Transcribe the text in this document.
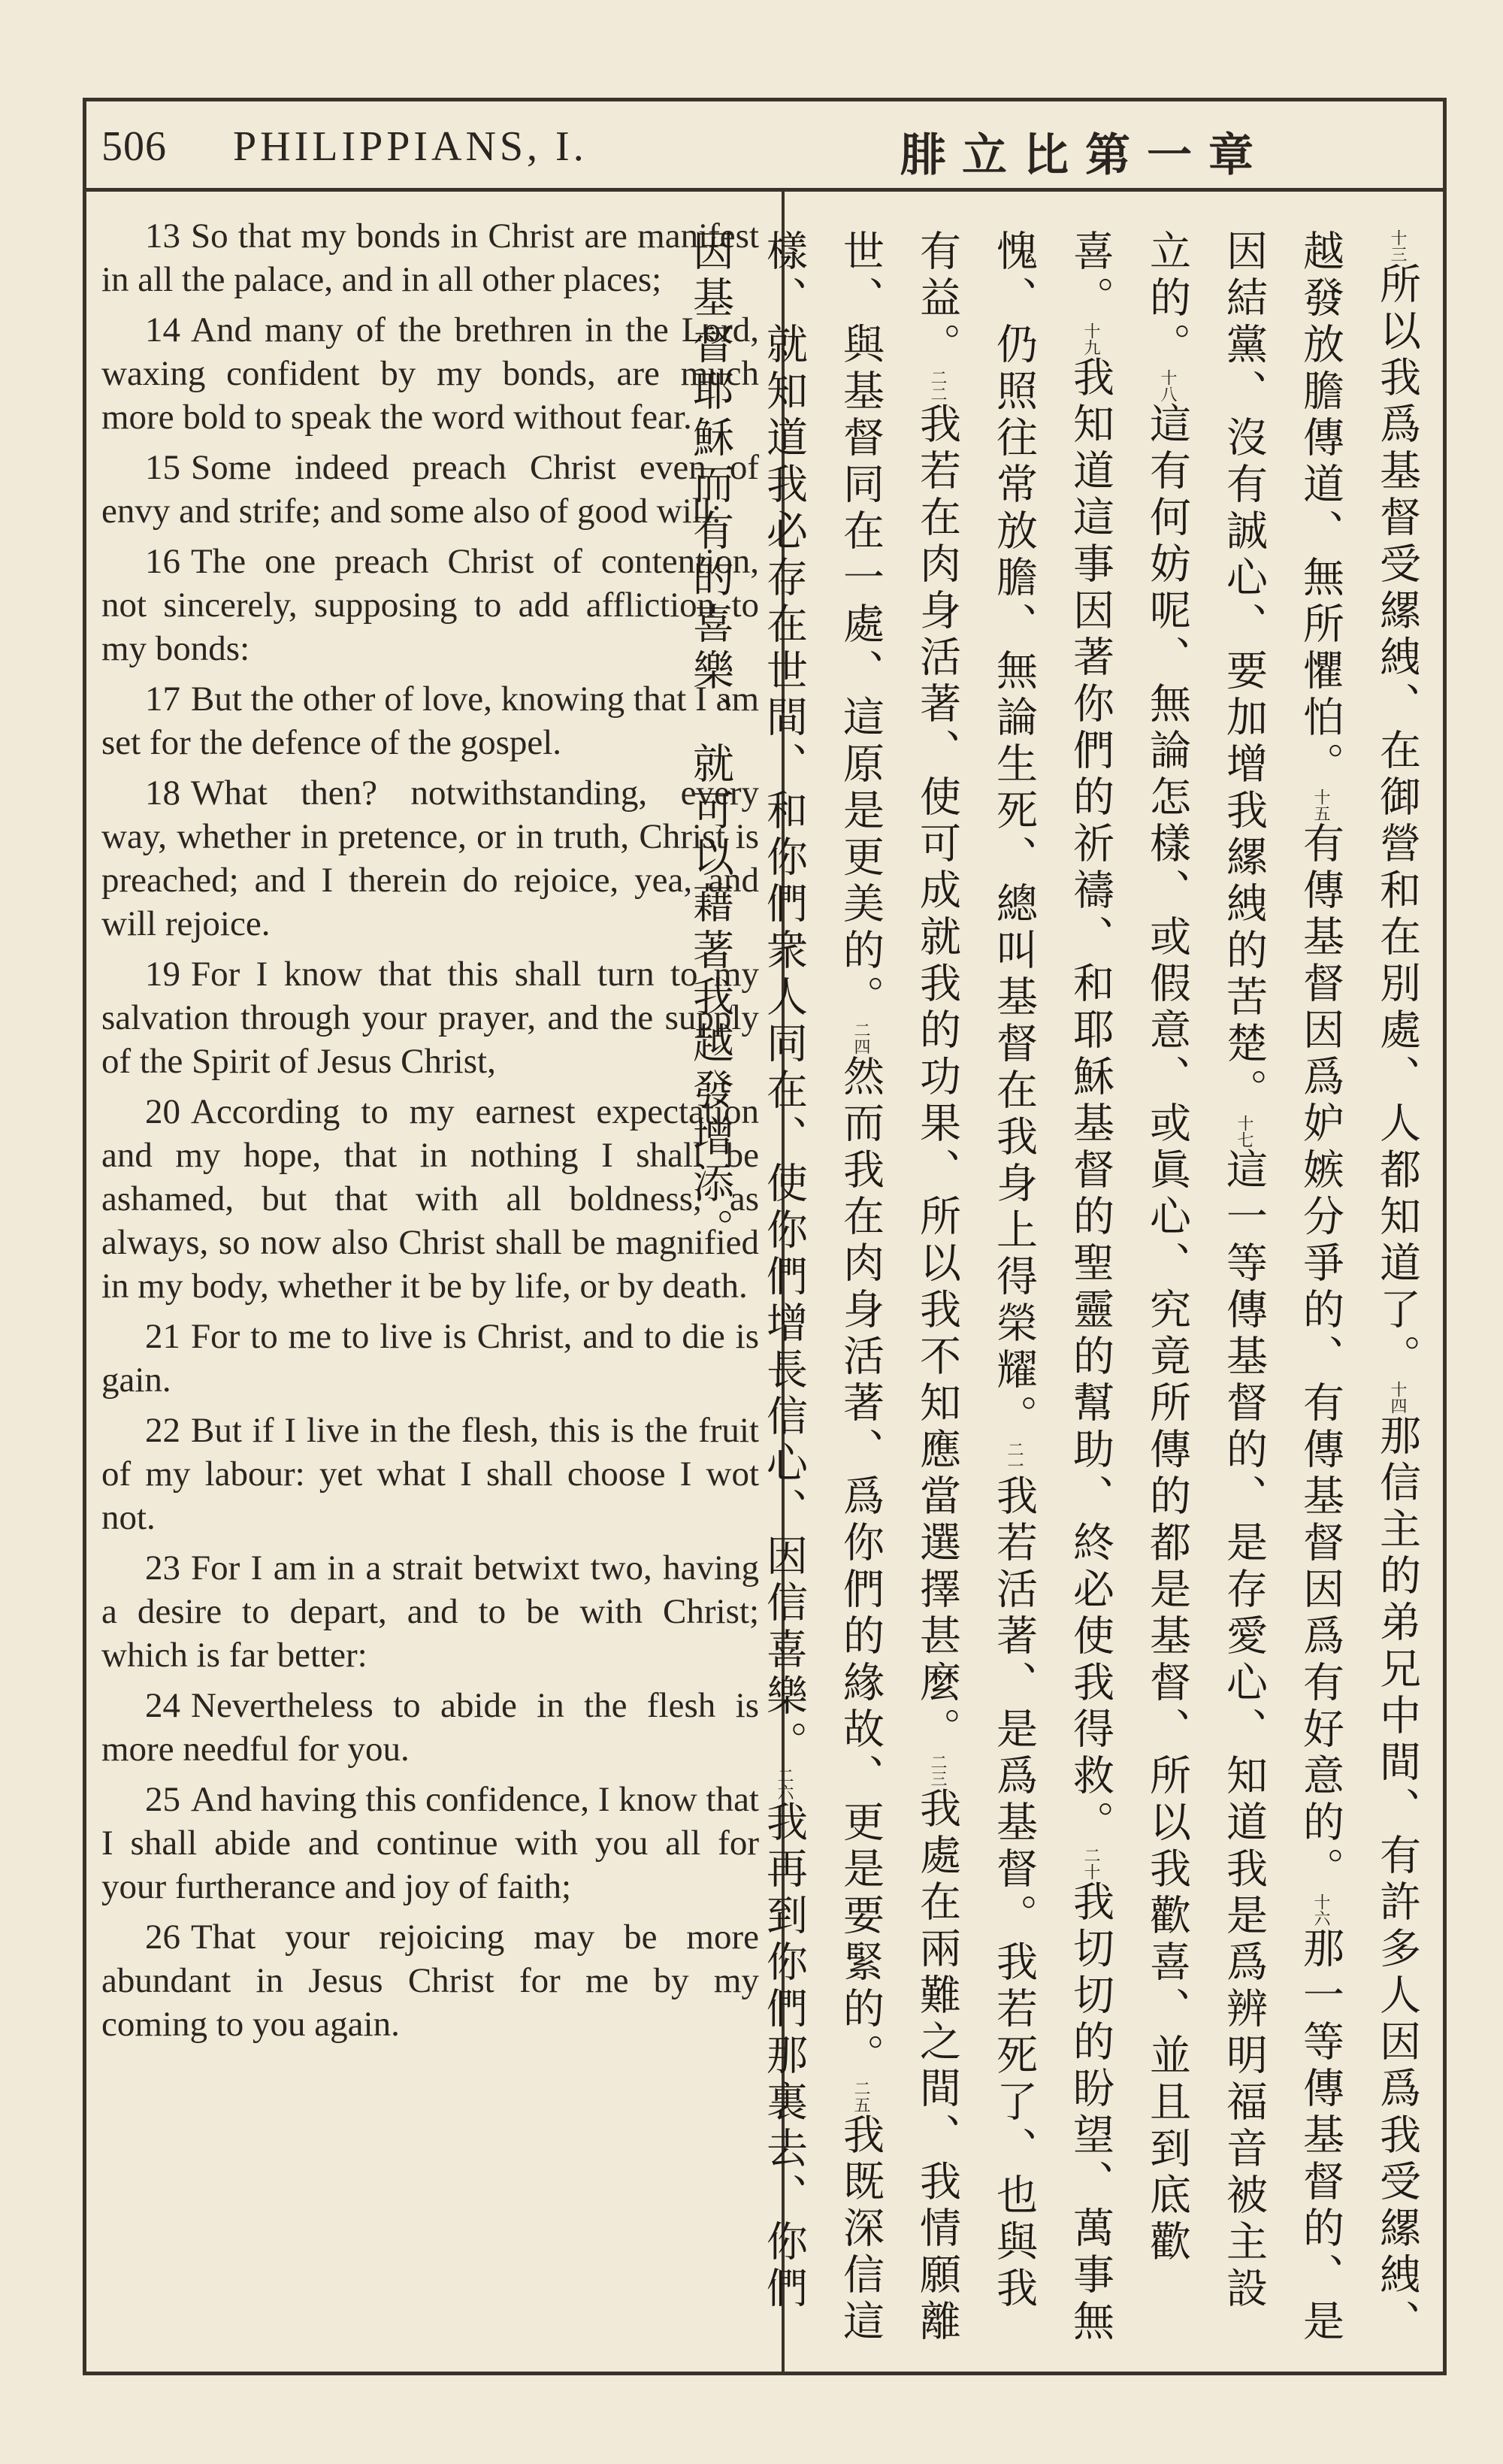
506 PHILIPPIANS, I.	腓立比第一章

13 So that my bonds in Christ are manifest in all the palace, and in all other places;

14 And many of the brethren in the Lord, waxing confident by my bonds, are much more bold to speak the word without fear.

15 Some indeed preach Christ even of envy and strife; and some also of good will:

16 The one preach Christ of contention, not sincerely, supposing to add affliction to my bonds:

17 But the other of love, knowing that I am set for the defence of the gospel.

18 What then? notwithstanding, every way, whether in pretence, or in truth, Christ is preached; and I therein do rejoice, yea, and will rejoice.

19 For I know that this shall turn to my salvation through your prayer, and the supply of the Spirit of Jesus Christ,

20 According to my earnest expectation and my hope, that in nothing I shall be ashamed, but that with all boldness, as always, so now also Christ shall be magnified in my body, whether it be by life, or by death.

21 For to me to live is Christ, and to die is gain.

22 But if I live in the flesh, this is the fruit of my labour: yet what I shall choose I wot not.

23 For I am in a strait betwixt two, having a desire to depart, and to be with Christ; which is far better:

24 Nevertheless to abide in the flesh is more needful for you.

25 And having this confidence, I know that I shall abide and continue with you all for your furtherance and joy of faith;

26 That your rejoicing may be more abundant in Jesus Christ for me by my coming to you again.

十三所以我爲基督受縲絏、在御營和在別處、人都知道了。十四那信主的弟兄中間、有許多人因爲我受縲絏、越發放膽傳道、無所懼怕。十五有傳基督因爲妒嫉分爭的、有傳基督因爲有好意的。十六那一等傳基督的、是因結黨、沒有誠心、要加增我縲絏的苦楚。十七這一等傳基督的、是存愛心、知道我是爲辨明福音被主設立的。十八這有何妨呢、無論怎樣、或假意、或眞心、究竟所傳的都是基督、所以我歡喜、並且到底歡喜。十九我知道這事因著你們的祈禱、和耶穌基督的聖靈的幫助、終必使我得救。二十我切切的盼望、萬事無愧、仍照往常放膽、無論生死、總叫基督在我身上得榮耀。二一我若活著、是爲基督。我若死了、也與我有益。二二我若在肉身活著、使可成就我的功果、所以我不知應當選擇甚麼。二三我處在兩難之間、我情願離世、與基督同在一處、這原是更美的。二四然而我在肉身活著、爲你們的緣故、更是要緊的。二五我既深信這樣、就知道我必存在世間、和你們衆人同在、使你們增長信心、因信喜樂。二六我再到你們那裏去、你們因基督耶穌而有的喜樂、就可以藉著我越發增添。
